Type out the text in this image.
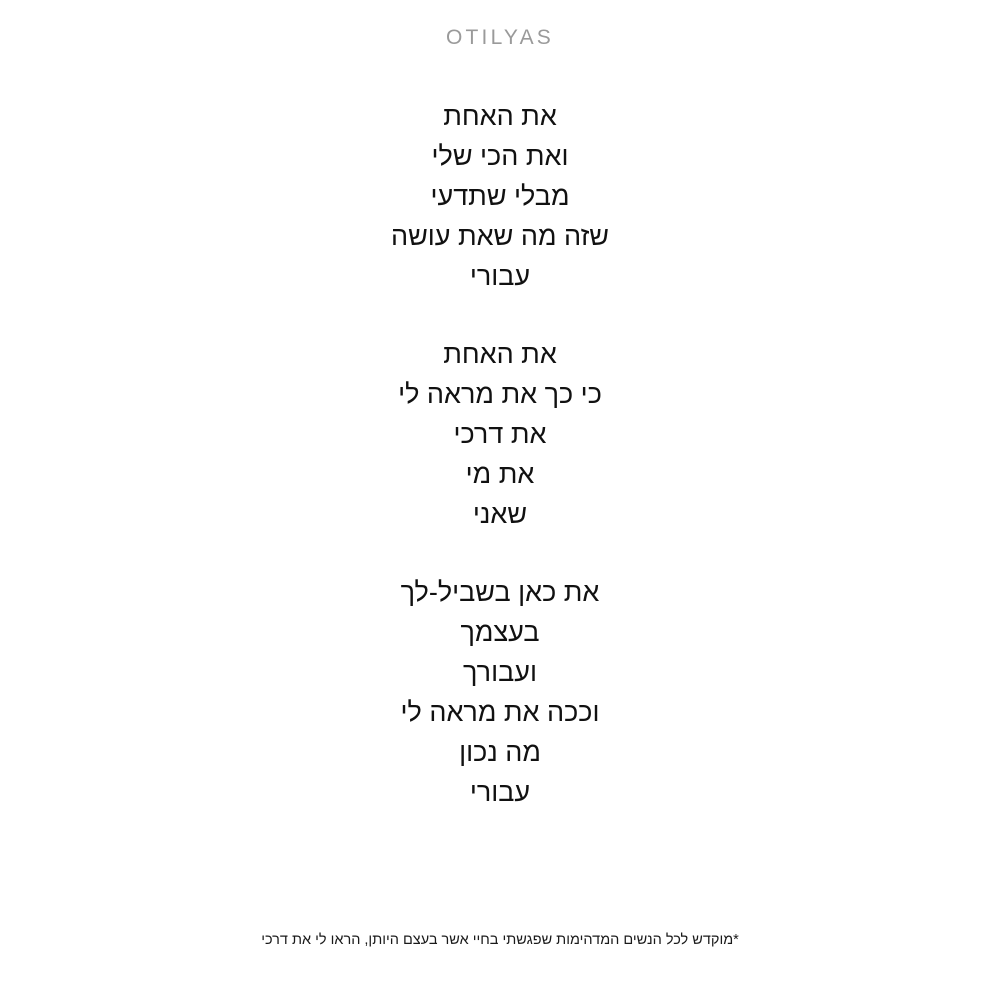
OTILYAS
את האחת
ואת הכי שלי
מבלי שתדעי
שזה מה שאת עושה
עבורי
את האחת
כי כך את מראה לי
את דרכי
את מי
שאני
את כאן בשביל-לך
בעצמך
ועבורך
וככה את מראה לי
מה נכון
עבורי
*מוקדש לכל הנשים המדהימות שפגשתי בחיי אשר בעצם היותן, הראו לי את דרכי
